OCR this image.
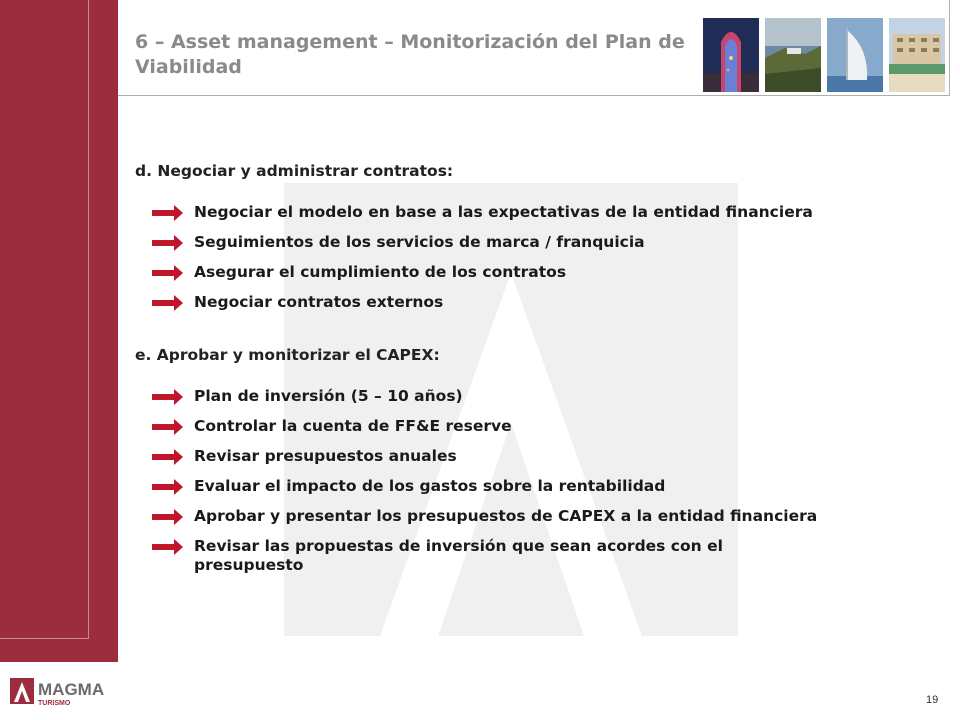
6 – Asset management – Monitorización del Plan de Viabilidad
d. Negociar y administrar contratos:
Negociar el modelo en base a las expectativas de la entidad financiera
Seguimientos de los servicios de marca / franquicia
Asegurar el cumplimiento de los contratos
Negociar contratos externos
e. Aprobar y monitorizar el CAPEX:
Plan de inversión (5 – 10 años)
Controlar la cuenta de FF&E reserve
Revisar presupuestos anuales
Evaluar el impacto de los gastos sobre la rentabilidad
Aprobar y presentar los presupuestos de CAPEX a la entidad financiera
Revisar las propuestas de inversión que sean acordes con el presupuesto
MAGMA
TURISMO	19
